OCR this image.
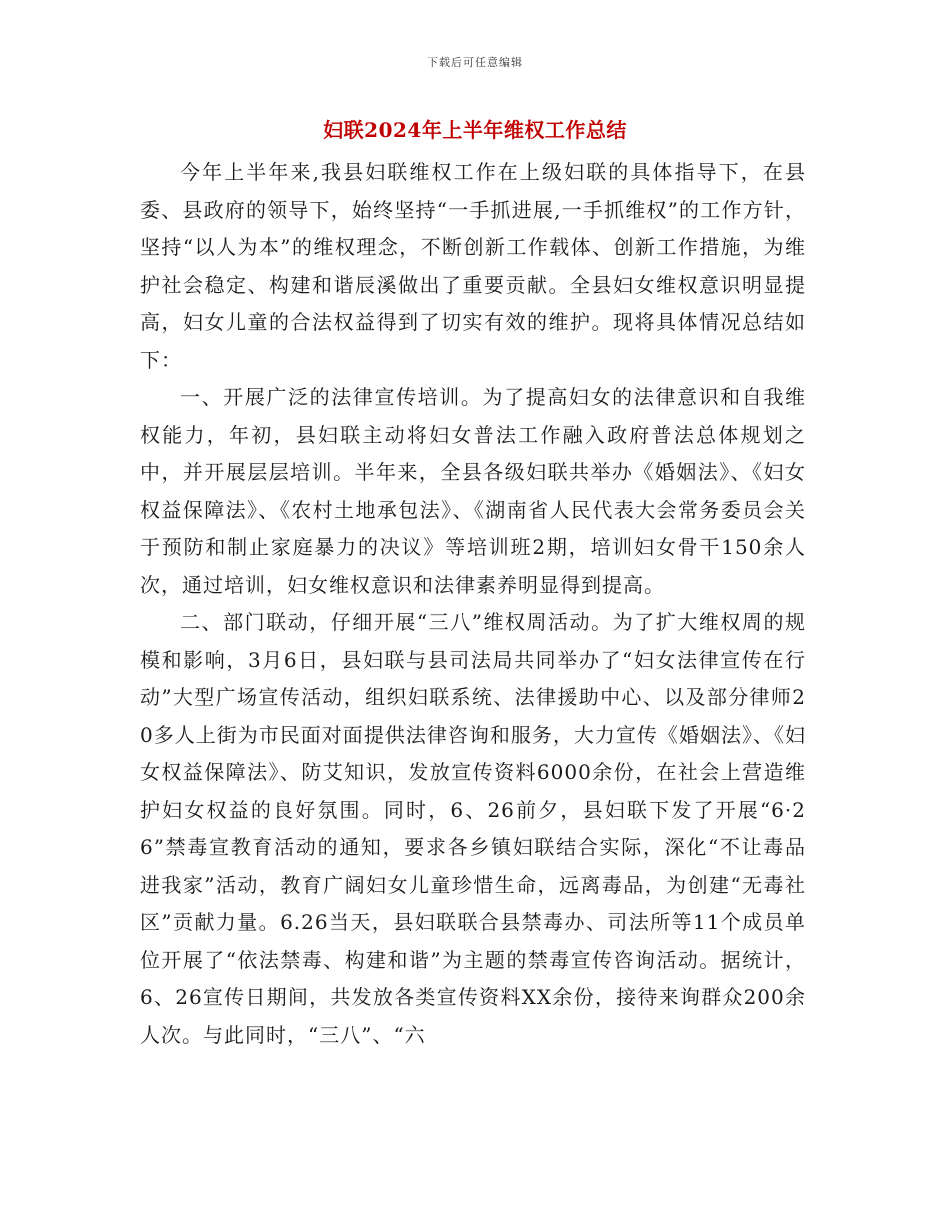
下载后可任意编辑
妇联2024年上半年维权工作总结

今年上半年来,我县妇联维权工作在上级妇联的具体指导下，在县委、县政府的领导下，始终坚持“一手抓进展,一手抓维权”的工作方针，坚持“以人为本”的维权理念，不断创新工作载体、创新工作措施，为维护社会稳定、构建和谐辰溪做出了重要贡献。全县妇女维权意识明显提高，妇女儿童的合法权益得到了切实有效的维护。现将具体情况总结如下：

一、开展广泛的法律宣传培训。为了提高妇女的法律意识和自我维权能力，年初，县妇联主动将妇女普法工作融入政府普法总体规划之中，并开展层层培训。半年来，全县各级妇联共举办《婚姻法》、《妇女权益保障法》、《农村土地承包法》、《湖南省人民代表大会常务委员会关于预防和制止家庭暴力的决议》等培训班2期，培训妇女骨干150余人次，通过培训，妇女维权意识和法律素养明显得到提高。

二、部门联动，仔细开展“三八”维权周活动。为了扩大维权周的规模和影响，3月6日，县妇联与县司法局共同举办了“妇女法律宣传在行动”大型广场宣传活动，组织妇联系统、法律援助中心、以及部分律师20多人上街为市民面对面提供法律咨询和服务，大力宣传《婚姻法》、《妇女权益保障法》、防艾知识，发放宣传资料6000余份，在社会上营造维护妇女权益的良好氛围。同时，6、26前夕，县妇联下发了开展“6·26”禁毒宣教育活动的通知，要求各乡镇妇联结合实际，深化“不让毒品进我家”活动，教育广阔妇女儿童珍惜生命，远离毒品，为创建“无毒社区”贡献力量。6.26当天，县妇联联合县禁毒办、司法所等11个成员单位开展了“依法禁毒、构建和谐”为主题的禁毒宣传咨询活动。据统计，6、26宣传日期间，共发放各类宣传资料XX余份，接待来询群众200余人次。与此同时，“三八”、“六
